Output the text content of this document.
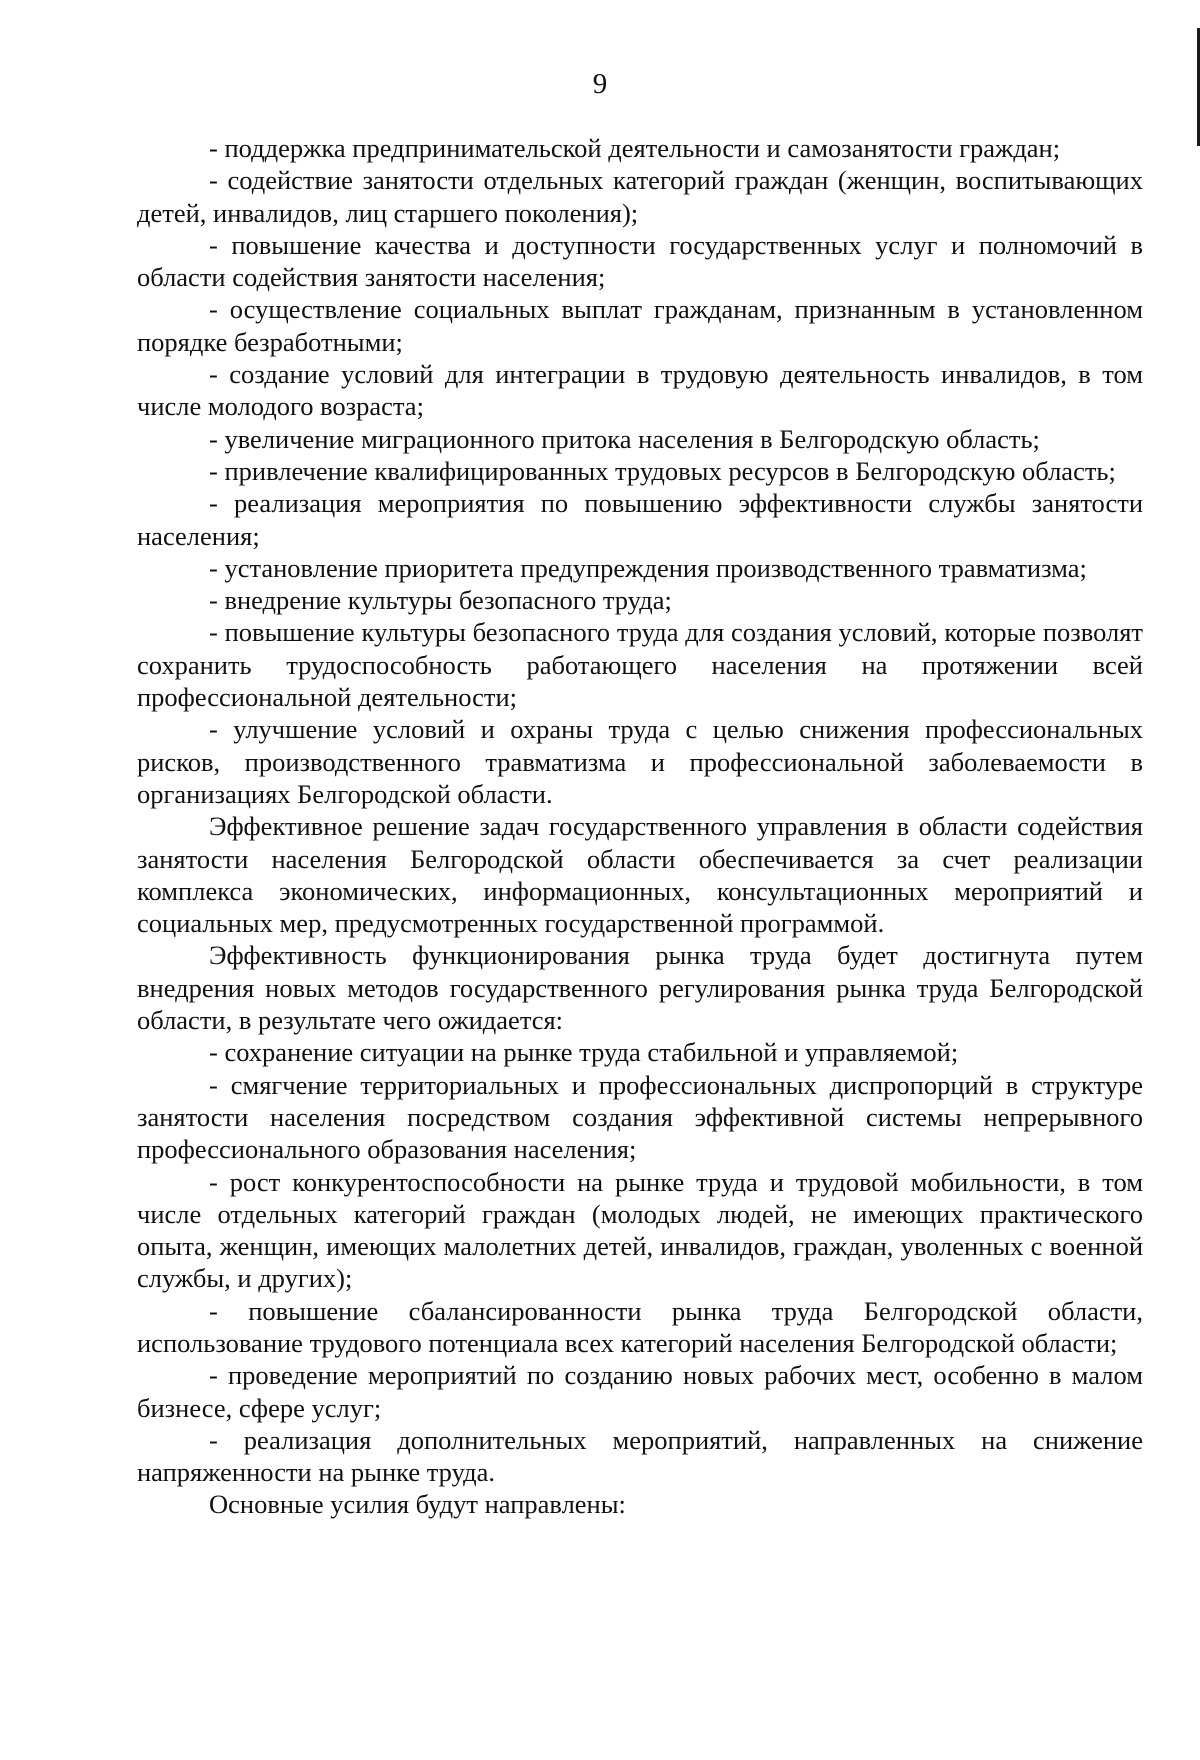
9

- поддержка предпринимательской деятельности и самозанятости граждан;

- содействие занятости отдельных категорий граждан (женщин, воспитывающих детей, инвалидов, лиц старшего поколения);

- повышение качества и доступности государственных услуг и полномочий в области содействия занятости населения;

- осуществление социальных выплат гражданам, признанным в установленном порядке безработными;

- создание условий для интеграции в трудовую деятельность инвалидов, в том числе молодого возраста;

- увеличение миграционного притока населения в Белгородскую область;

- привлечение квалифицированных трудовых ресурсов в Белгородскую область;

- реализация мероприятия по повышению эффективности службы занятости населения;

- установление приоритета предупреждения производственного травматизма;

- внедрение культуры безопасного труда;

- повышение культуры безопасного труда для создания условий, которые позволят сохранить трудоспособность работающего населения на протяжении всей профессиональной деятельности;

- улучшение условий и охраны труда с целью снижения профессиональных рисков, производственного травматизма и профессиональной заболеваемости в организациях Белгородской области.

Эффективное решение задач государственного управления в области содействия занятости населения Белгородской области обеспечивается за счет реализации комплекса экономических, информационных, консультационных мероприятий и социальных мер, предусмотренных государственной программой.

Эффективность функционирования рынка труда будет достигнута путем внедрения новых методов государственного регулирования рынка труда Белгородской области, в результате чего ожидается:

- сохранение ситуации на рынке труда стабильной и управляемой;

- смягчение территориальных и профессиональных диспропорций в структуре занятости населения посредством создания эффективной системы непрерывного профессионального образования населения;

- рост конкурентоспособности на рынке труда и трудовой мобильности, в том числе отдельных категорий граждан (молодых людей, не имеющих практического опыта, женщин, имеющих малолетних детей, инвалидов, граждан, уволенных с военной службы, и других);

- повышение сбалансированности рынка труда Белгородской области, использование трудового потенциала всех категорий населения Белгородской области;

- проведение мероприятий по созданию новых рабочих мест, особенно в малом бизнесе, сфере услуг;

- реализация дополнительных мероприятий, направленных на снижение напряженности на рынке труда.

Основные усилия будут направлены:
